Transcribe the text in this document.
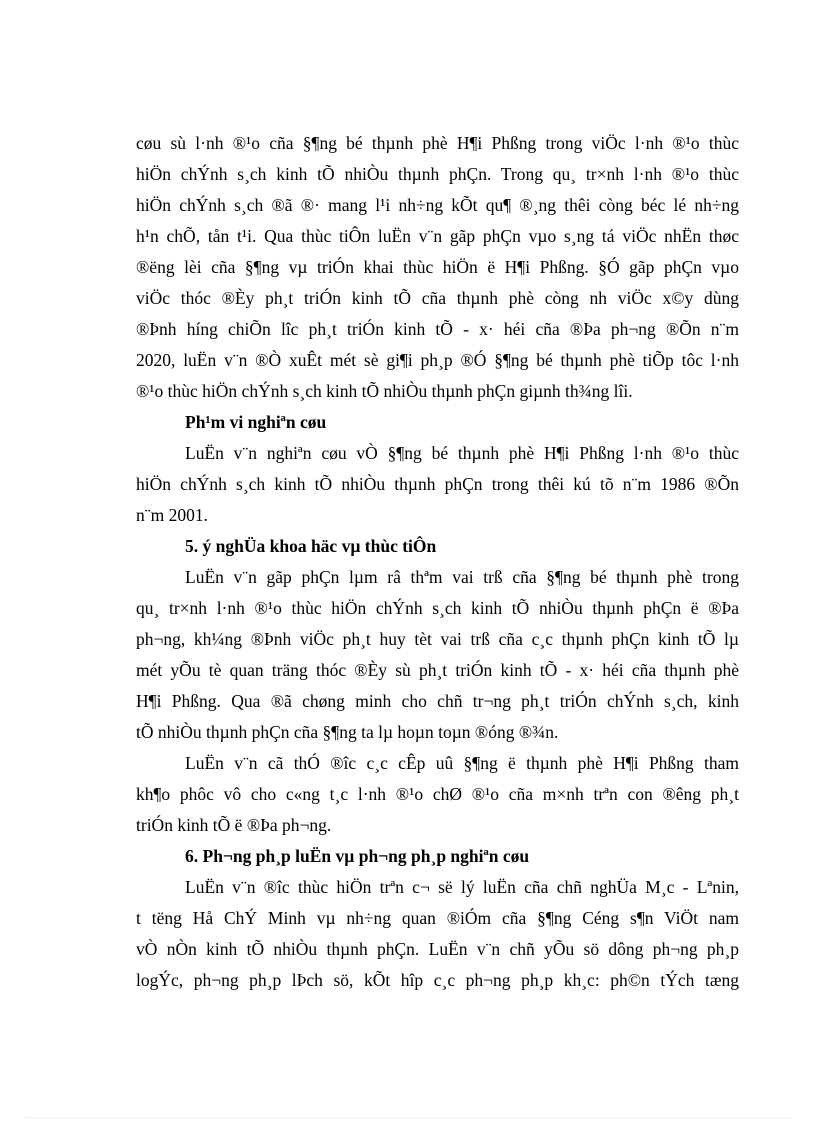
cøu sù l·nh ®¹o cña §¶ng bé thµnh phè H¶i Phßng trong viÖc l·nh ®¹o thùc
hiÖn chÝnh s¸ch kinh tÕ nhiÒu thµnh phÇn. Trong qu¸ tr×nh l·nh ®¹o thùc
hiÖn chÝnh s¸ch ®ã ®· mang l¹i nh÷ng kÕt qu¶ ®¸ng thêi còng béc lé nh÷ng
h¹n chÕ, tån t¹i. Qua thùc tiÔn luËn v¨n gãp phÇn vµo s¸ng tá viÖc nhËn thøc
®ëng lèi cña §¶ng vµ triÓn khai thùc hiÖn ë H¶i Phßng. §Ó gãp phÇn vµo
viÖc thóc ®Èy ph¸t triÓn kinh tÕ cña thµnh phè còng nh viÖc x©y dùng
®Þnh híng chiÕn lîc ph¸t triÓn kinh tÕ - x· héi cña ®Þa ph¬ng ®Õn n¨m
2020, luËn v¨n ®Ò xuÊt mét sè gi¶i ph¸p ®Ó §¶ng bé thµnh phè tiÕp tôc l·nh
®¹o thùc hiÖn chÝnh s¸ch kinh tÕ nhiÒu thµnh phÇn giµnh th¾ng lîi.
Ph¹m vi nghiªn cøu
LuËn v¨n nghiªn cøu vÒ §¶ng bé thµnh phè H¶i Phßng l·nh ®¹o thùc
hiÖn chÝnh s¸ch kinh tÕ nhiÒu thµnh phÇn trong thêi kú tõ n¨m 1986 ®Õn
n¨m 2001.
5. ý nghÜa khoa häc vµ thùc tiÔn
LuËn v¨n gãp phÇn lµm râ thªm vai trß cña §¶ng bé thµnh phè trong
qu¸ tr×nh l·nh ®¹o thùc hiÖn chÝnh s¸ch kinh tÕ nhiÒu thµnh phÇn ë ®Þa
ph¬ng, kh¼ng ®Þnh viÖc ph¸t huy tèt vai trß cña c¸c thµnh phÇn kinh tÕ lµ
mét yÕu tè quan träng thóc ®Èy sù ph¸t triÓn kinh tÕ - x· héi cña thµnh phè
H¶i Phßng. Qua ®ã chøng minh cho chñ tr¬ng ph¸t triÓn chÝnh s¸ch, kinh
tÕ nhiÒu thµnh phÇn cña §¶ng ta lµ hoµn toµn ®óng ®¾n.
LuËn v¨n cã thÓ ®îc c¸c cÊp uû §¶ng ë thµnh phè H¶i Phßng tham
kh¶o phôc vô cho c«ng t¸c l·nh ®¹o chØ ®¹o cña m×nh trªn con ®êng ph¸t
triÓn kinh tÕ ë ®Þa ph¬ng.
6. Ph¬ng ph¸p luËn vµ ph¬ng ph¸p nghiªn cøu
LuËn v¨n ®îc thùc hiÖn trªn c¬ së lý luËn cña chñ nghÜa M¸c - Lªnin,
t tëng Hå ChÝ Minh vµ nh÷ng quan ®iÓm cña §¶ng Céng s¶n ViÖt nam
vÒ nÒn kinh tÕ nhiÒu thµnh phÇn. LuËn v¨n chñ yÕu sö dông ph¬ng ph¸p
logÝc, ph¬ng ph¸p lÞch sö, kÕt hîp c¸c ph¬ng ph¸p kh¸c: ph©n tÝch tæng
